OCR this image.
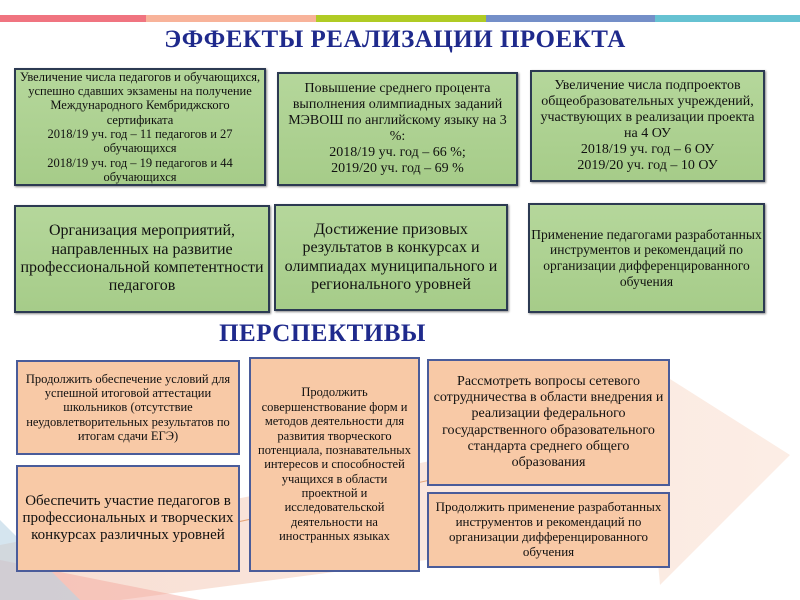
ЭФФЕКТЫ РЕАЛИЗАЦИИ ПРОЕКТА
Увеличение числа педагогов и обучающихся, успешно сдавших экзамены на получение Международного Кембриджского сертификата
2018/19 уч. год – 11 педагогов и 27 обучающихся
2018/19 уч. год – 19 педагогов и 44 обучающихся
Повышение среднего процента выполнения олимпиадных заданий МЭВОШ по английскому языку на 3 %:
2018/19 уч. год – 66 %;
2019/20 уч. год – 69 %
Увеличение числа подпроектов общеобразовательных учреждений, участвующих в реализации проекта на 4 ОУ
2018/19 уч. год – 6 ОУ
2019/20 уч. год – 10 ОУ
Организация мероприятий, направленных на развитие профессиональной компетентности педагогов
Достижение призовых результатов в конкурсах и олимпиадах муниципального и регионального уровней
Применение педагогами разработанных инструментов и рекомендаций по организации дифференцированного обучения
ПЕРСПЕКТИВЫ
Продолжить обеспечение условий для успешной итоговой аттестации школьников (отсутствие неудовлетворительных результатов по итогам сдачи ЕГЭ)
Обеспечить участие педагогов в профессиональных и творческих конкурсах различных уровней
Продолжить совершенствование форм и методов деятельности для развития творческого потенциала, познавательных интересов и способностей учащихся в области проектной и исследовательской деятельности на иностранных языках
Рассмотреть вопросы сетевого сотрудничества в области внедрения и реализации федерального государственного образовательного стандарта среднего общего образования
Продолжить применение разработанных инструментов и рекомендаций по организации дифференцированного обучения
